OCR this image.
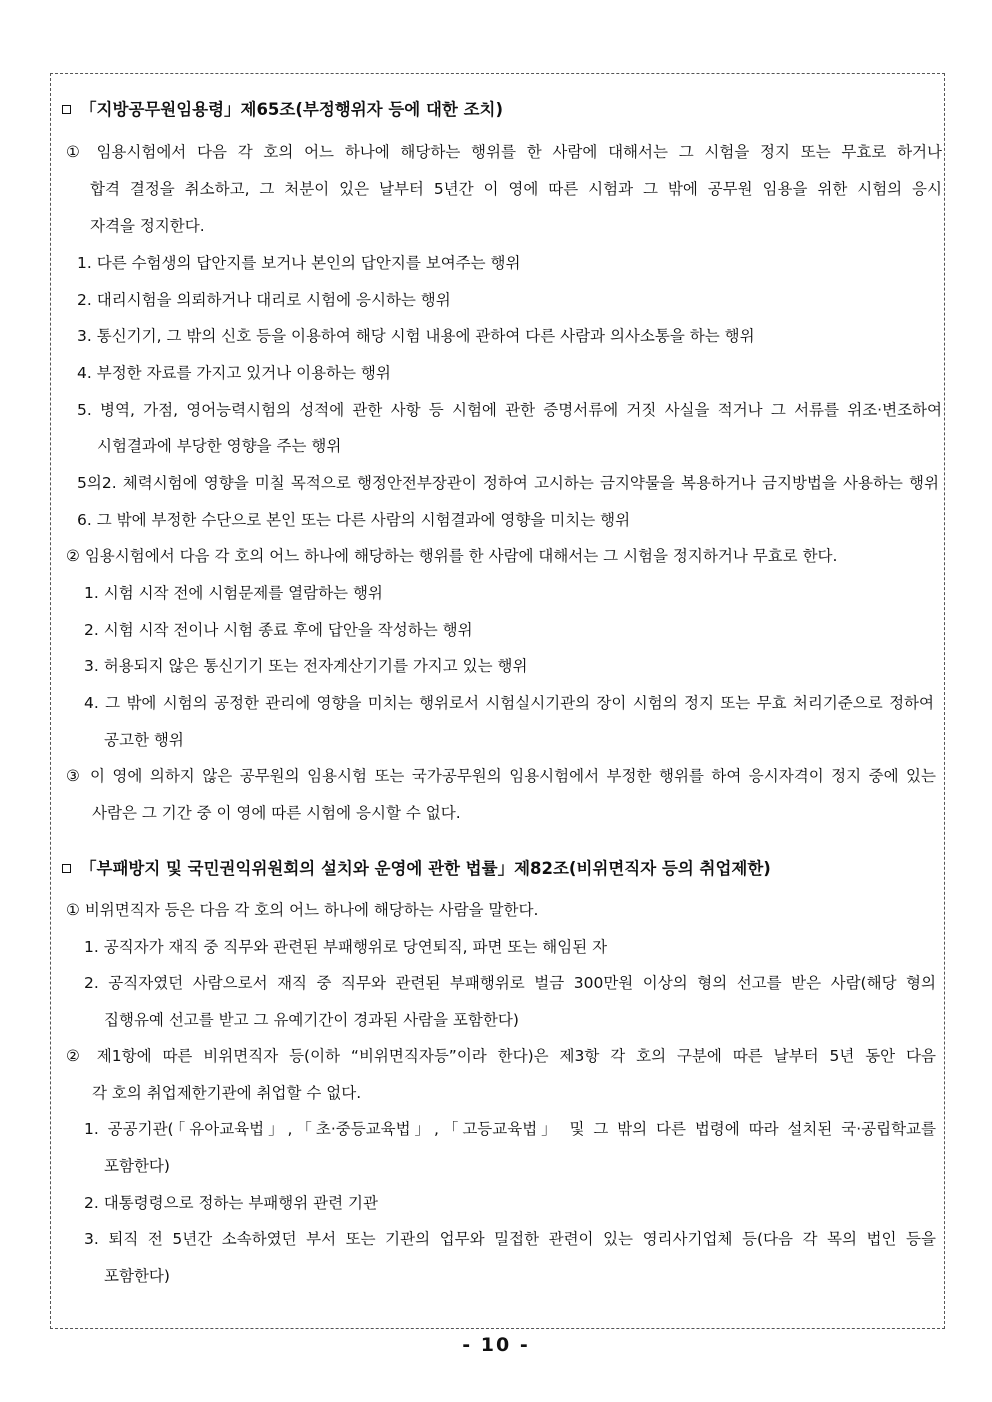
「지방공무원임용령」제65조(부정행위자 등에 대한 조치)
① 임용시험에서 다음 각 호의 어느 하나에 해당하는 행위를 한 사람에 대해서는 그 시험을 정지 또는 무효로 하거나
합격 결정을 취소하고, 그 처분이 있은 날부터 5년간 이 영에 따른 시험과 그 밖에 공무원 임용을 위한 시험의 응시
자격을 정지한다.
1. 다른 수험생의 답안지를 보거나 본인의 답안지를 보여주는 행위
2. 대리시험을 의뢰하거나 대리로 시험에 응시하는 행위
3. 통신기기, 그 밖의 신호 등을 이용하여 해당 시험 내용에 관하여 다른 사람과 의사소통을 하는 행위
4. 부정한 자료를 가지고 있거나 이용하는 행위
5. 병역, 가점, 영어능력시험의 성적에 관한 사항 등 시험에 관한 증명서류에 거짓 사실을 적거나 그 서류를 위조·변조하여
시험결과에 부당한 영향을 주는 행위
5의2. 체력시험에 영향을 미칠 목적으로 행정안전부장관이 정하여 고시하는 금지약물을 복용하거나 금지방법을 사용하는 행위
6. 그 밖에 부정한 수단으로 본인 또는 다른 사람의 시험결과에 영향을 미치는 행위
② 임용시험에서 다음 각 호의 어느 하나에 해당하는 행위를 한 사람에 대해서는 그 시험을 정지하거나 무효로 한다.
1. 시험 시작 전에 시험문제를 열람하는 행위
2. 시험 시작 전이나 시험 종료 후에 답안을 작성하는 행위
3. 허용되지 않은 통신기기 또는 전자계산기기를 가지고 있는 행위
4. 그 밖에 시험의 공정한 관리에 영향을 미치는 행위로서 시험실시기관의 장이 시험의 정지 또는 무효 처리기준으로 정하여
공고한 행위
③ 이 영에 의하지 않은 공무원의 임용시험 또는 국가공무원의 임용시험에서 부정한 행위를 하여 응시자격이 정지 중에 있는
사람은 그 기간 중 이 영에 따른 시험에 응시할 수 없다.
「부패방지 및 국민권익위원회의 설치와 운영에 관한 법률」제82조(비위면직자 등의 취업제한)
① 비위면직자 등은 다음 각 호의 어느 하나에 해당하는 사람을 말한다.
1. 공직자가 재직 중 직무와 관련된 부패행위로 당연퇴직, 파면 또는 해임된 자
2. 공직자였던 사람으로서 재직 중 직무와 관련된 부패행위로 벌금 300만원 이상의 형의 선고를 받은 사람(해당 형의
집행유예 선고를 받고 그 유예기간이 경과된 사람을 포함한다)
② 제1항에 따른 비위면직자 등(이하 “비위면직자등”이라 한다)은 제3항 각 호의 구분에 따른 날부터 5년 동안 다음
각 호의 취업제한기관에 취업할 수 없다.
1. 공공기관(「유아교육법」,「초·중등교육법」,「고등교육법」 및 그 밖의 다른 법령에 따라 설치된 국·공립학교를
포함한다)
2. 대통령령으로 정하는 부패행위 관련 기관
3. 퇴직 전 5년간 소속하였던 부서 또는 기관의 업무와 밀접한 관련이 있는 영리사기업체 등(다음 각 목의 법인 등을
포함한다)
- 10 -
